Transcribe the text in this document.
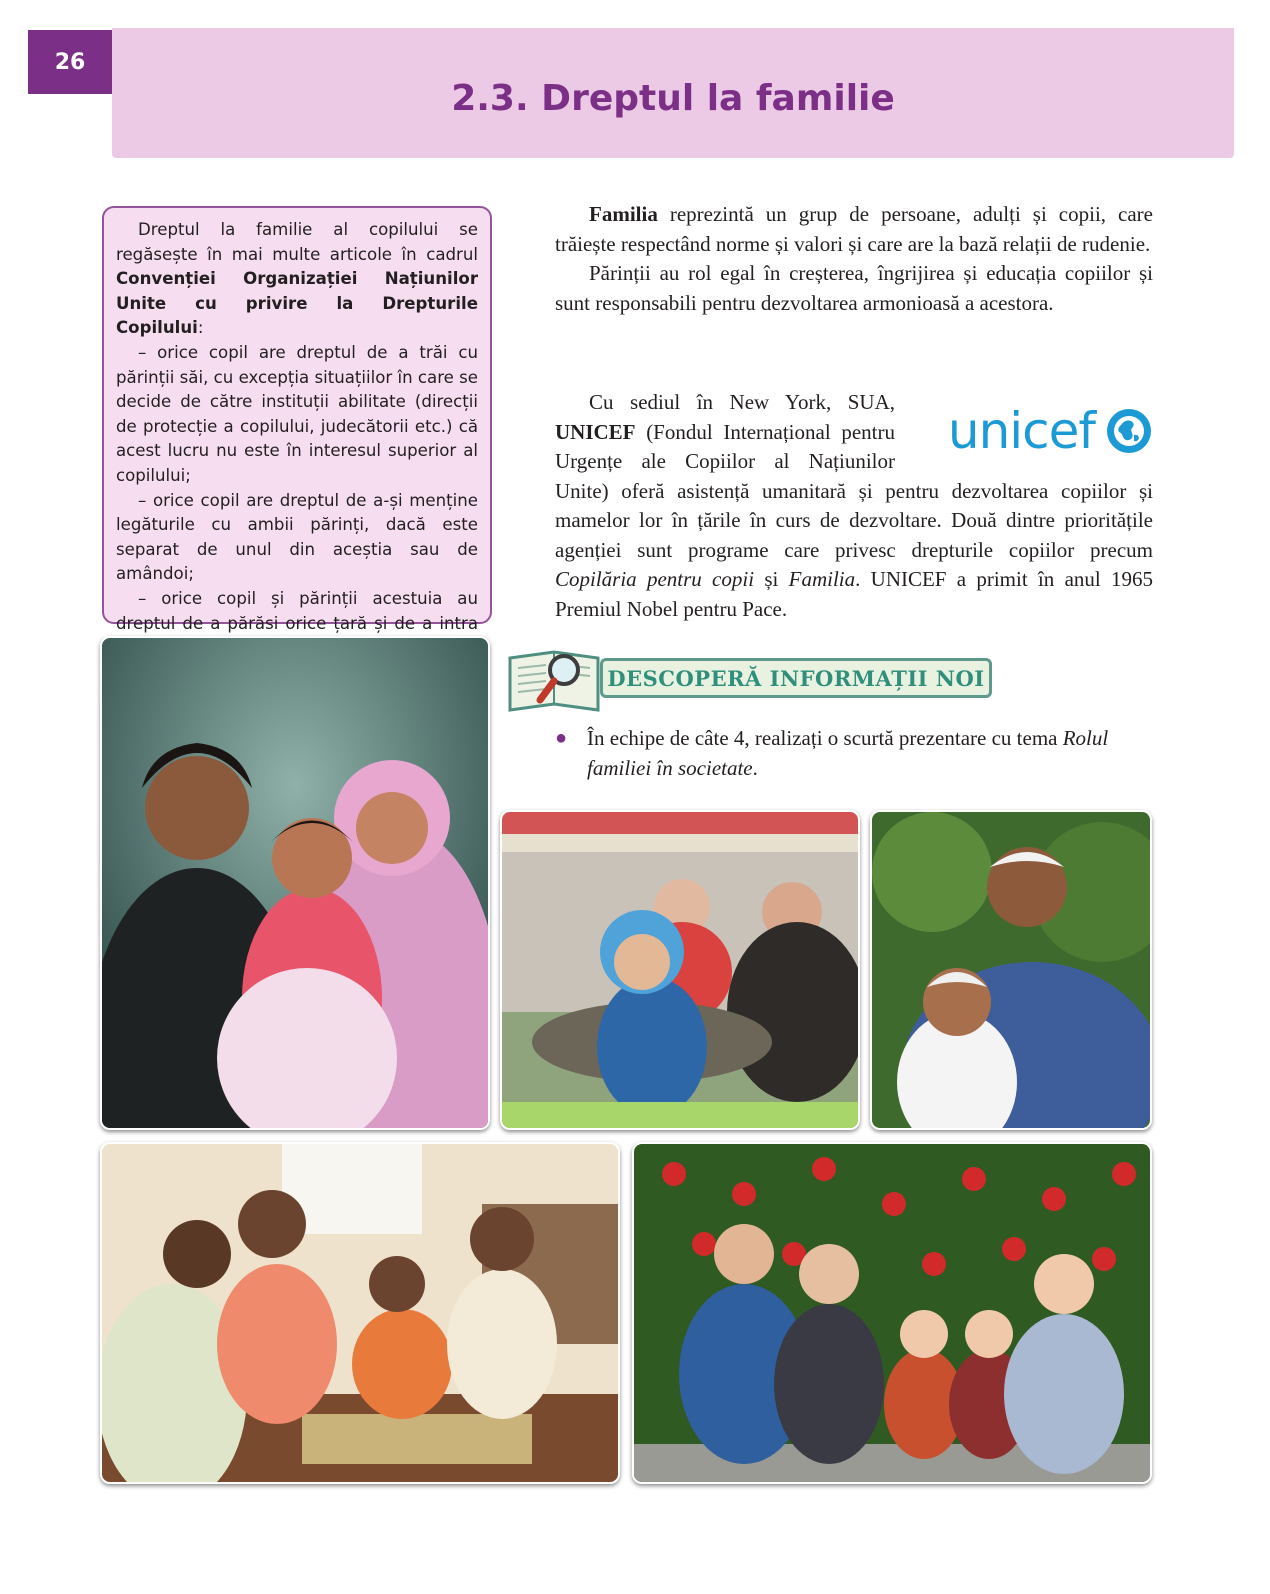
26
2.3. Dreptul la familie

Dreptul la familie al copilului se regăsește în mai multe articole în cadrul Convenției Organizației Națiunilor Unite cu privire la Drepturile Copilului:

– orice copil are dreptul de a trăi cu părinții săi, cu excepția situațiilor în care se decide de către instituții abilitate (direcții de protecție a copilului, judecătorii etc.) că acest lucru nu este în interesul superior al copilului;

– orice copil are dreptul de a-și menține legăturile cu ambii părinți, dacă este separat de unul din aceștia sau de amândoi;

– orice copil și părinții acestuia au dreptul de a părăsi orice țară și de a intra

Familia reprezintă un grup de persoane, adulți și copii, care trăiește respectând norme și valori și care are la bază relații de rudenie.

Părinții au rol egal în creșterea, îngrijirea și educația copiilor și sunt responsabili pentru dezvoltarea armonioasă a acestora.

unicef

Cu sediul în New York, SUA, UNICEF (Fondul Internațional pentru Urgențe ale Copiilor al Națiunilor Unite) oferă asistență umanitară și pentru dezvoltarea copiilor și mamelor lor în țările în curs de dezvoltare. Două dintre prioritățile agenției sunt programe care privesc drepturile copiilor precum Copilăria pentru copii și Familia. UNICEF a primit în anul 1965 Premiul Nobel pentru Pace.

DESCOPERĂ INFORMAȚII NOI
● În echipe de câte 4, realizați o scurtă prezentare cu tema Rolul familiei în societate.
